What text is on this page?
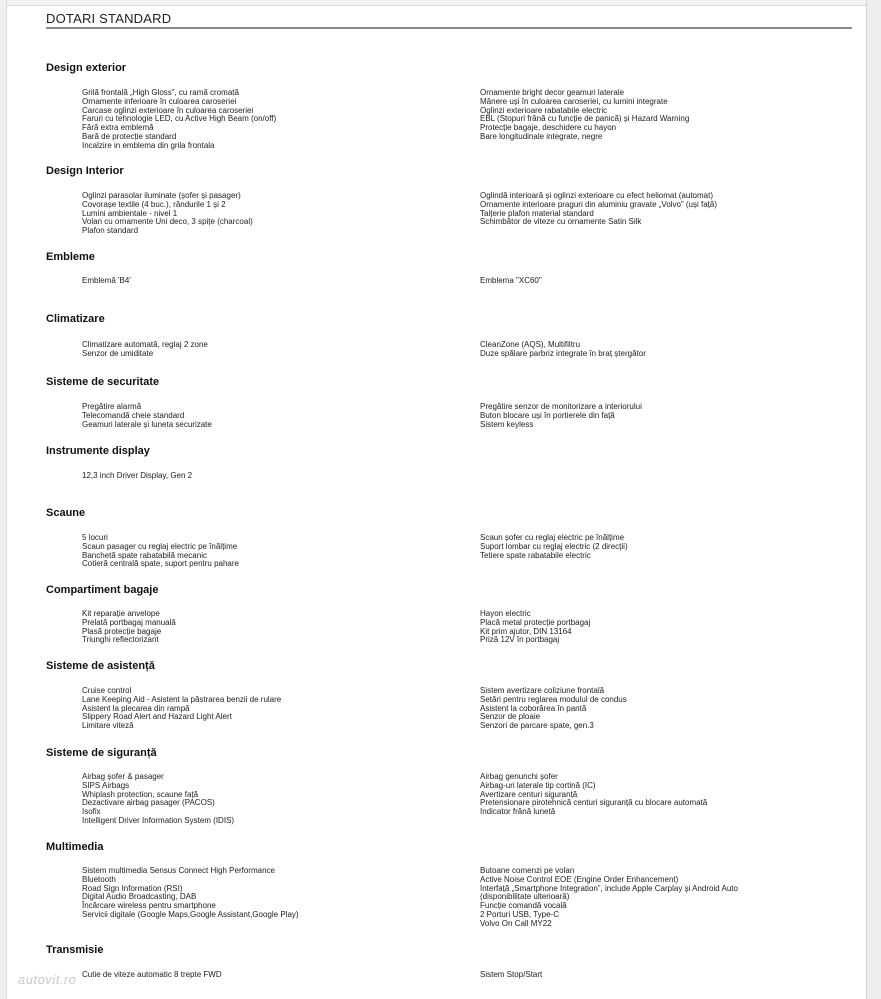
DOTARI STANDARD
Design exterior
Grilă frontală „High Gloss”, cu ramă cromată
Ornamente inferioare în culoarea caroseriei
Carcase oglinzi exterioare în culoarea caroseriei
Faruri cu tehnologie LED, cu Active High Beam (on/off)
Fără extra emblemă
Bară de protecție standard
Incalzire in emblema din grila frontala
Ornamente bright decor geamuri laterale
Mânere uși în culoarea caroseriei, cu lumini integrate
Oglinzi exterioare rabatabile electric
EBL (Stopuri frână cu funcție de panică) și Hazard Warning
Protecție bagaje, deschidere cu hayon
Bare longitudinale integrate, negre
Design Interior
Oglinzi parasolar iluminate (șofer și pasager)
Covorașe textile (4 buc.), rândurile 1 și 2
Lumini ambientale - nivel 1
Volan cu ornamente Uni deco, 3 spițe (charcoal)
Plafon standard
Oglindă interioară și oglinzi exterioare cu efect heliomat (automat)
Ornamente interioare praguri din aluminiu gravate „Volvo” (uși față)
Taițerie plafon material standard
Schimbător de viteze cu ornamente Satin Silk
Embleme
Emblemă 'B4'	Emblema "XC60"
Climatizare
Climatizare automată, reglaj 2 zone
Senzor de umiditate
CleanZone (AQS), Multifiltru
Duze spălare parbriz integrate în braț ștergător
Sisteme de securitate
Pregătire alarmă
Telecomandă cheie standard
Geamuri laterale și luneta securizate
Pregătire senzor de monitorizare a interiorului
Buton blocare uși în portierele din față
Sistem keyless
Instrumente display
12,3 inch Driver Display, Gen 2
Scaune
5 locuri
Scaun pasager cu reglaj electric pe înălțime
Banchetă spate rabatabilă mecanic
Cotieră centrală spate, suport pentru pahare
Scaun șofer cu reglaj electric pe înălțime
Suport lombar cu reglaj electric (2 direcții)
Tetiere spate rabatabile electric
Compartiment bagaje
Kit reparație anvelope
Prelată portbagaj manuală
Plasă protecție bagaje
Triunghi reflectorizant
Hayon electric
Placă metal protecție portbagaj
Kit prim ajutor, DIN 13164
Priză 12V în portbagaj
Sisteme de asistență
Cruise control
Lane Keeping Aid - Asistent la păstrarea benzii de rulare
Asistent la plecarea din rampă
Slippery Road Alert and Hazard Light Alert
Limitare viteză
Sistem avertizare coliziune frontală
Setări pentru reglarea modulul de condus
Asistent la coborârea în pantă
Senzor de ploaie
Senzori de parcare spate, gen.3
Sisteme de siguranță
Airbag șofer & pasager
SIPS Airbags
Whiplash protection, scaune față
Dezactivare airbag pasager (PACOS)
Isofix
Intelligent Driver Information System (IDIS)
Airbag genunchi șofer
Airbag-uri laterale tip cortină (IC)
Avertizare centuri siguranță
Pretensionare pirotehnică centuri siguranță cu blocare automată
Indicator frână lunetă
Multimedia
Sistem multimedia Sensus Connect High Performance
Bluetooth
Road Sign Information (RSI)
Digital Audio Broadcasting, DAB
Încărcare wireless pentru smartphone
Servicii digitale (Google Maps,Google Assistant,Google Play)
Butoane comenzi pe volan
Active Noise Control EOE (Engine Order Enhancement)
Interfață „Smartphone Integration”, include Apple Carplay și Android Auto
(disponibilitate ulterioară)
Funcție comandă vocală
2 Porturi USB, Type-C
Volvo On Call MY22
Transmisie
Cutie de viteze automatic 8 trepte FWD	Sistem Stop/Start
autovit.ro
